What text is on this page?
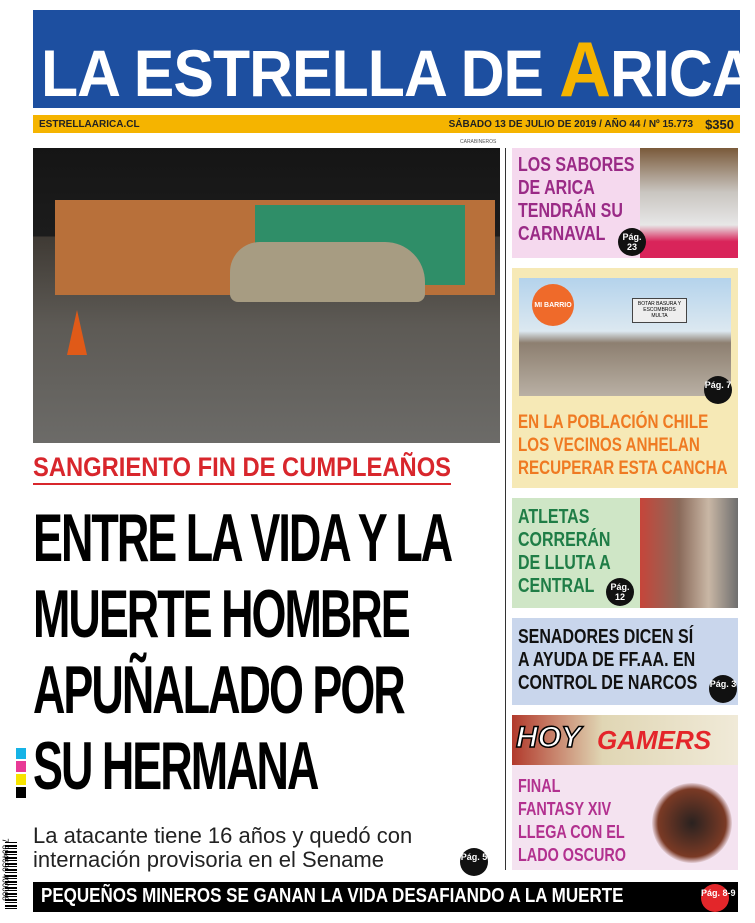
LA ESTRELLA DE ARICA
ESTRELLAARICA.CL	SÁBADO 13 DE JULIO DE 2019 / AÑO 44 / Nº 15.773 $350
CARABINEROS
SANGRIENTO FIN DE CUMPLEAÑOS
ENTRE LA VIDA Y LA
MUERTE HOMBRE
APUÑALADO POR
SU HERMANA
La atacante tiene 16 años y quedó con internación provisoria en el Sename	Pág. 5
7 804656 400008
LOS SABORES
DE ARICA
TENDRÁN SU
CARNAVAL	Pág. 23
BOTAR BASURA Y ESCOMBROS MULTA
MI BARRIO
Pág. 7
EN LA POBLACIÓN CHILE
LOS VECINOS ANHELAN
RECUPERAR ESTA CANCHA
ATLETAS
CORRERÁN
DE LLUTA A
CENTRAL	Pág. 12
SENADORES DICEN SÍ
A AYUDA DE FF.AA. EN
CONTROL DE NARCOS Pág. 3
HOY GAMERS
FINAL
FANTASY XIV
LLEGA CON EL
LADO OSCURO
PEQUEÑOS MINEROS SE GANAN LA VIDA DESAFIANDO A LA MUERTE	Pág. 8-9
